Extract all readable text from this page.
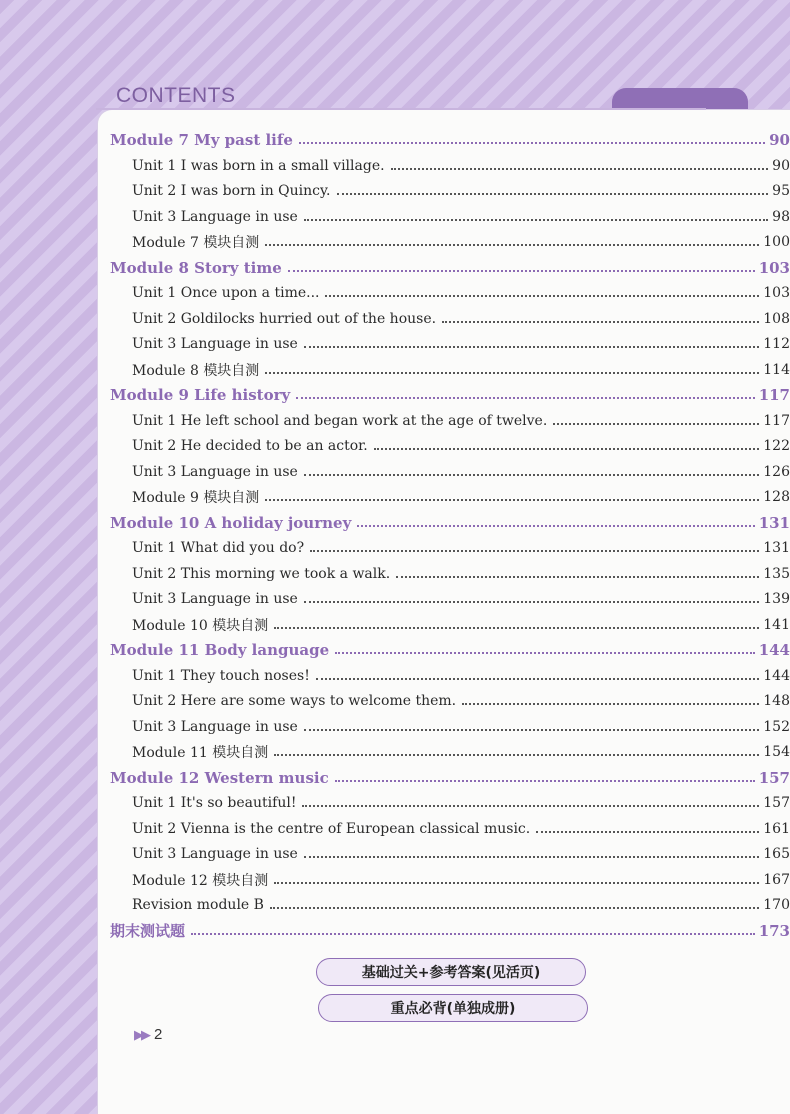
CONTENTS
Module 7 My past life	90
Unit 1 I was born in a small village.	90
Unit 2 I was born in Quincy.	95
Unit 3 Language in use	98
Module 7 模块自测	100
Module 8 Story time	103
Unit 1 Once upon a time...	103
Unit 2 Goldilocks hurried out of the house.	108
Unit 3 Language in use	112
Module 8 模块自测	114
Module 9 Life history	117
Unit 1 He left school and began work at the age of twelve.	117
Unit 2 He decided to be an actor.	122
Unit 3 Language in use	126
Module 9 模块自测	128
Module 10 A holiday journey	131
Unit 1 What did you do?	131
Unit 2 This morning we took a walk.	135
Unit 3 Language in use	139
Module 10 模块自测	141
Module 11 Body language	144
Unit 1 They touch noses!	144
Unit 2 Here are some ways to welcome them.	148
Unit 3 Language in use	152
Module 11 模块自测	154
Module 12 Western music	157
Unit 1 It's so beautiful!	157
Unit 2 Vienna is the centre of European classical music.	161
Unit 3 Language in use	165
Module 12 模块自测	167
Revision module B	170
期末测试题	173
基础过关+参考答案(见活页)
重点必背(单独成册)
▶▶ 2
